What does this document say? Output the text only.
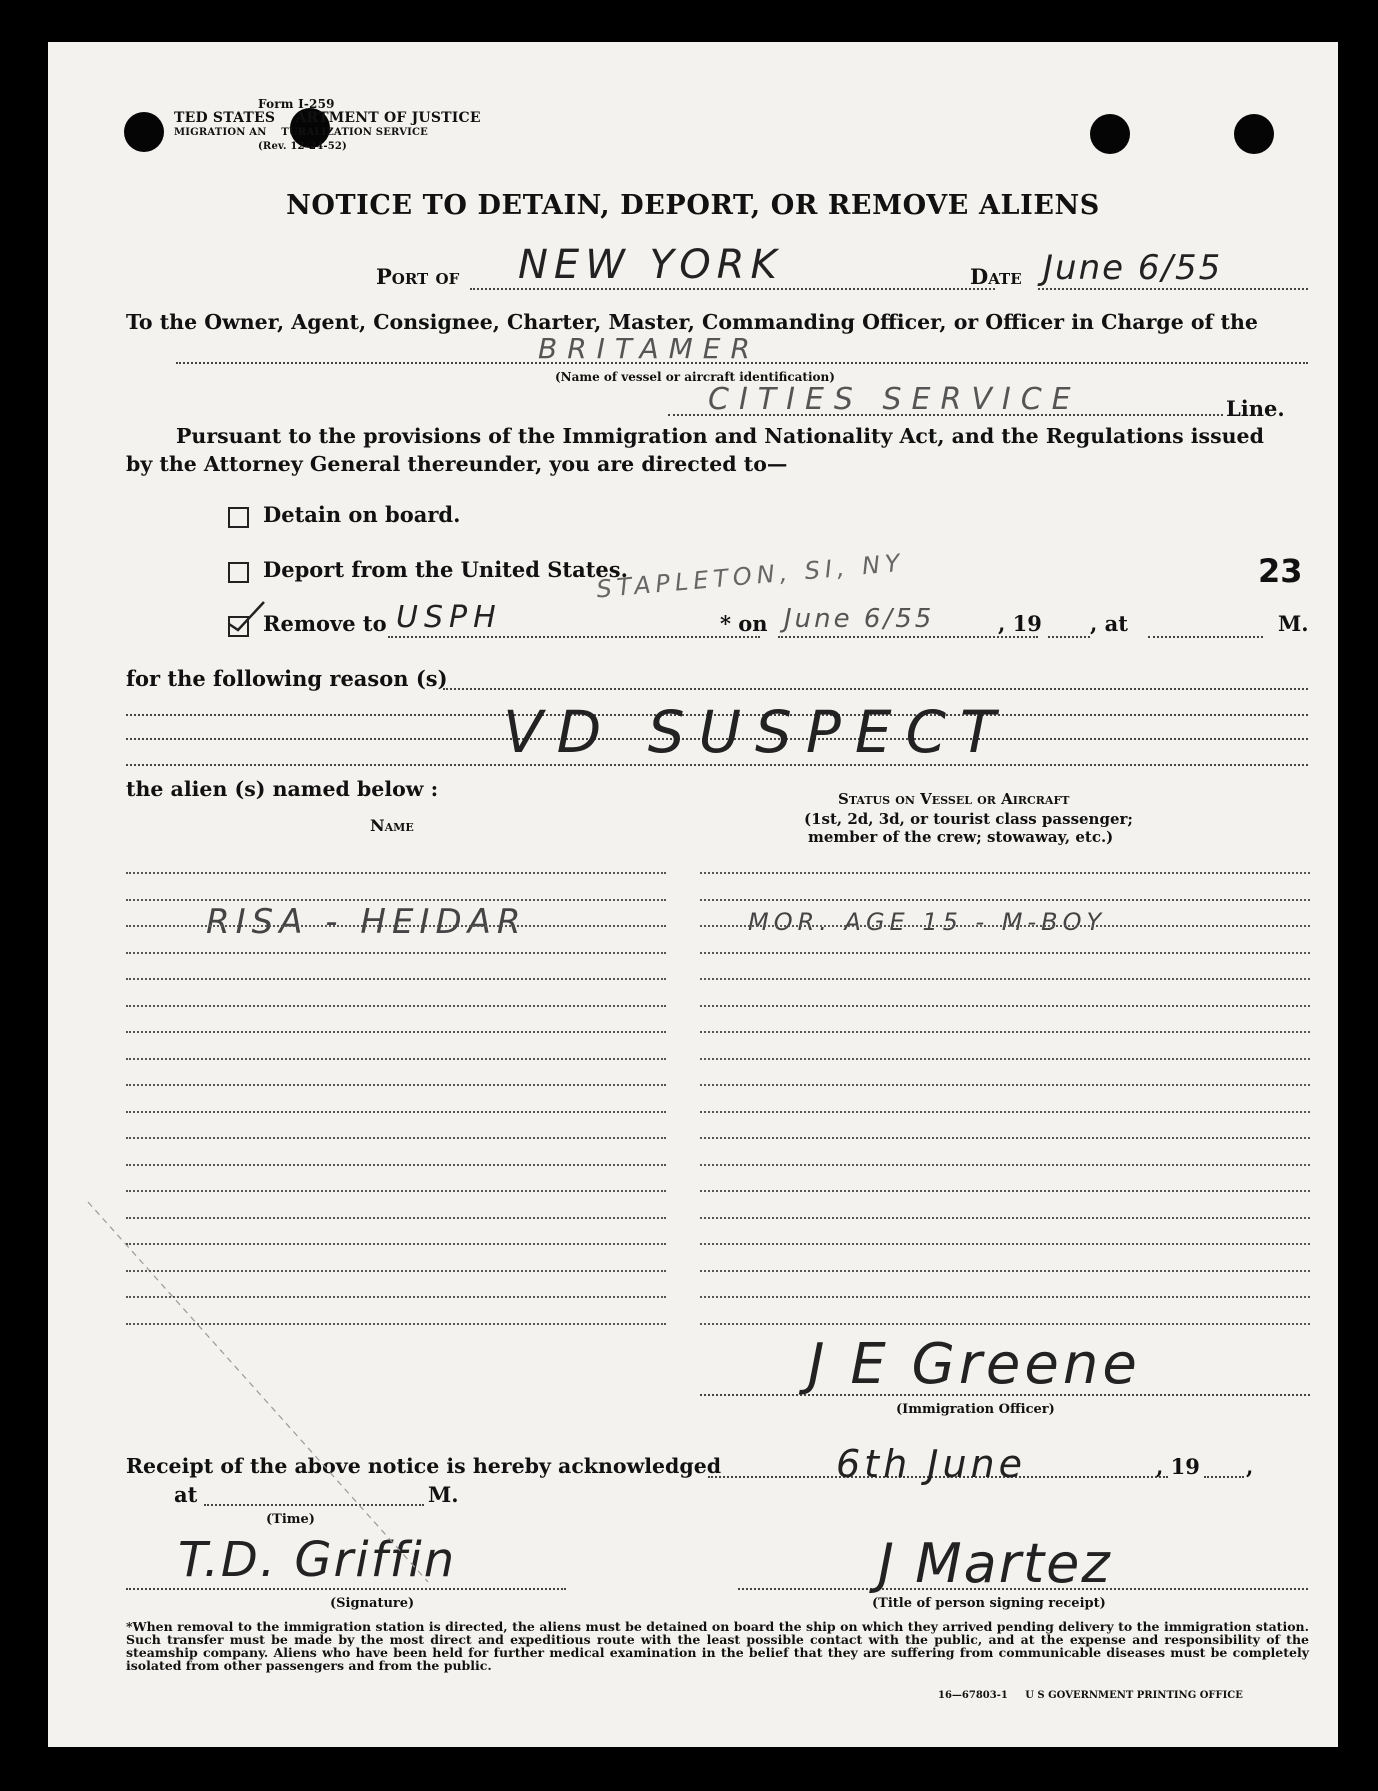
Form I-259
TED STATES    ARTMENT OF JUSTICE
MIGRATION AN    TURALIZATION SERVICE
(Rev. 12-24-52)
NOTICE TO DETAIN, DEPORT, OR REMOVE ALIENS
Port of NEW YORK	Date June 6/55
To the Owner, Agent, Consignee, Charter, Master, Commanding Officer, or Officer in Charge of the
BRITAMER
(Name of vessel or aircraft identification)
CITIES SERVICE	Line.
Pursuant to the provisions of the Immigration and Nationality Act, and the Regulations issued
by the Attorney General thereunder, you are directed to—
Detain on board.
Deport from the United States.
Remove to USPH
STAPLETON, SI, NY
* on June 6/55	, 19 , at	M.
23
for the following reason (s)
VD SUSPECT
the alien (s) named below :
Name
Status on Vessel or Aircraft
(1st, 2d, 3d, or tourist class passenger;
member of the crew; stowaway, etc.)
RISA - HEIDAR	MOR. AGE 15 - M-BOY
J E Greene
(Immigration Officer)
Receipt of the above notice is hereby acknowledged	6th June	, 19 ,
at	M.
(Time)
T.D. Griffin
(Signature)
J Martez
(Title of person signing receipt)
*When removal to the immigration station is directed, the aliens must be detained on board the ship on which they arrived pending delivery to the immigration station. Such transfer must be made by the most direct and expeditious route with the least possible contact with the public, and at the expense and responsibility of the steamship company. Aliens who have been held for further medical examination in the belief that they are suffering from communicable diseases must be completely isolated from other passengers and from the public.
16—67803-1     U S GOVERNMENT PRINTING OFFICE
